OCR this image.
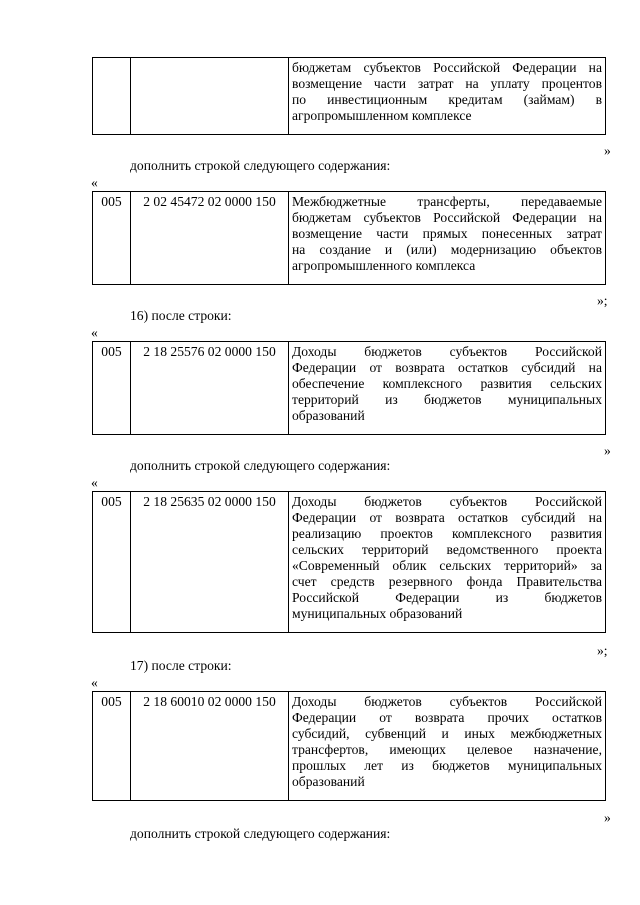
бюджетам субъектов Российской Федерации на
возмещение части затрат на уплату процентов
по инвестиционным кредитам (займам) в
агропромышленном комплексе
»
дополнить строкой следующего содержания:
«
005	2 02 45472 02 0000 150	Межбюджетные трансферты, передаваемые
бюджетам субъектов Российской Федерации на
возмещение части прямых понесенных затрат
на создание и (или) модернизацию объектов
агропромышленного комплекса
»;
16) после строки:
«
005	2 18 25576 02 0000 150	Доходы бюджетов субъектов Российской
Федерации от возврата остатков субсидий на
обеспечение комплексного развития сельских
территорий из бюджетов муниципальных
образований
»
дополнить строкой следующего содержания:
«
005	2 18 25635 02 0000 150	Доходы бюджетов субъектов Российской
Федерации от возврата остатков субсидий на
реализацию проектов комплексного развития
сельских территорий ведомственного проекта
«Современный облик сельских территорий» за
счет средств резервного фонда Правительства
Российской Федерации из бюджетов
муниципальных образований
»;
17) после строки:
«
005	2 18 60010 02 0000 150	Доходы бюджетов субъектов Российской
Федерации от возврата прочих остатков
субсидий, субвенций и иных межбюджетных
трансфертов, имеющих целевое назначение,
прошлых лет из бюджетов муниципальных
образований
»
дополнить строкой следующего содержания:
